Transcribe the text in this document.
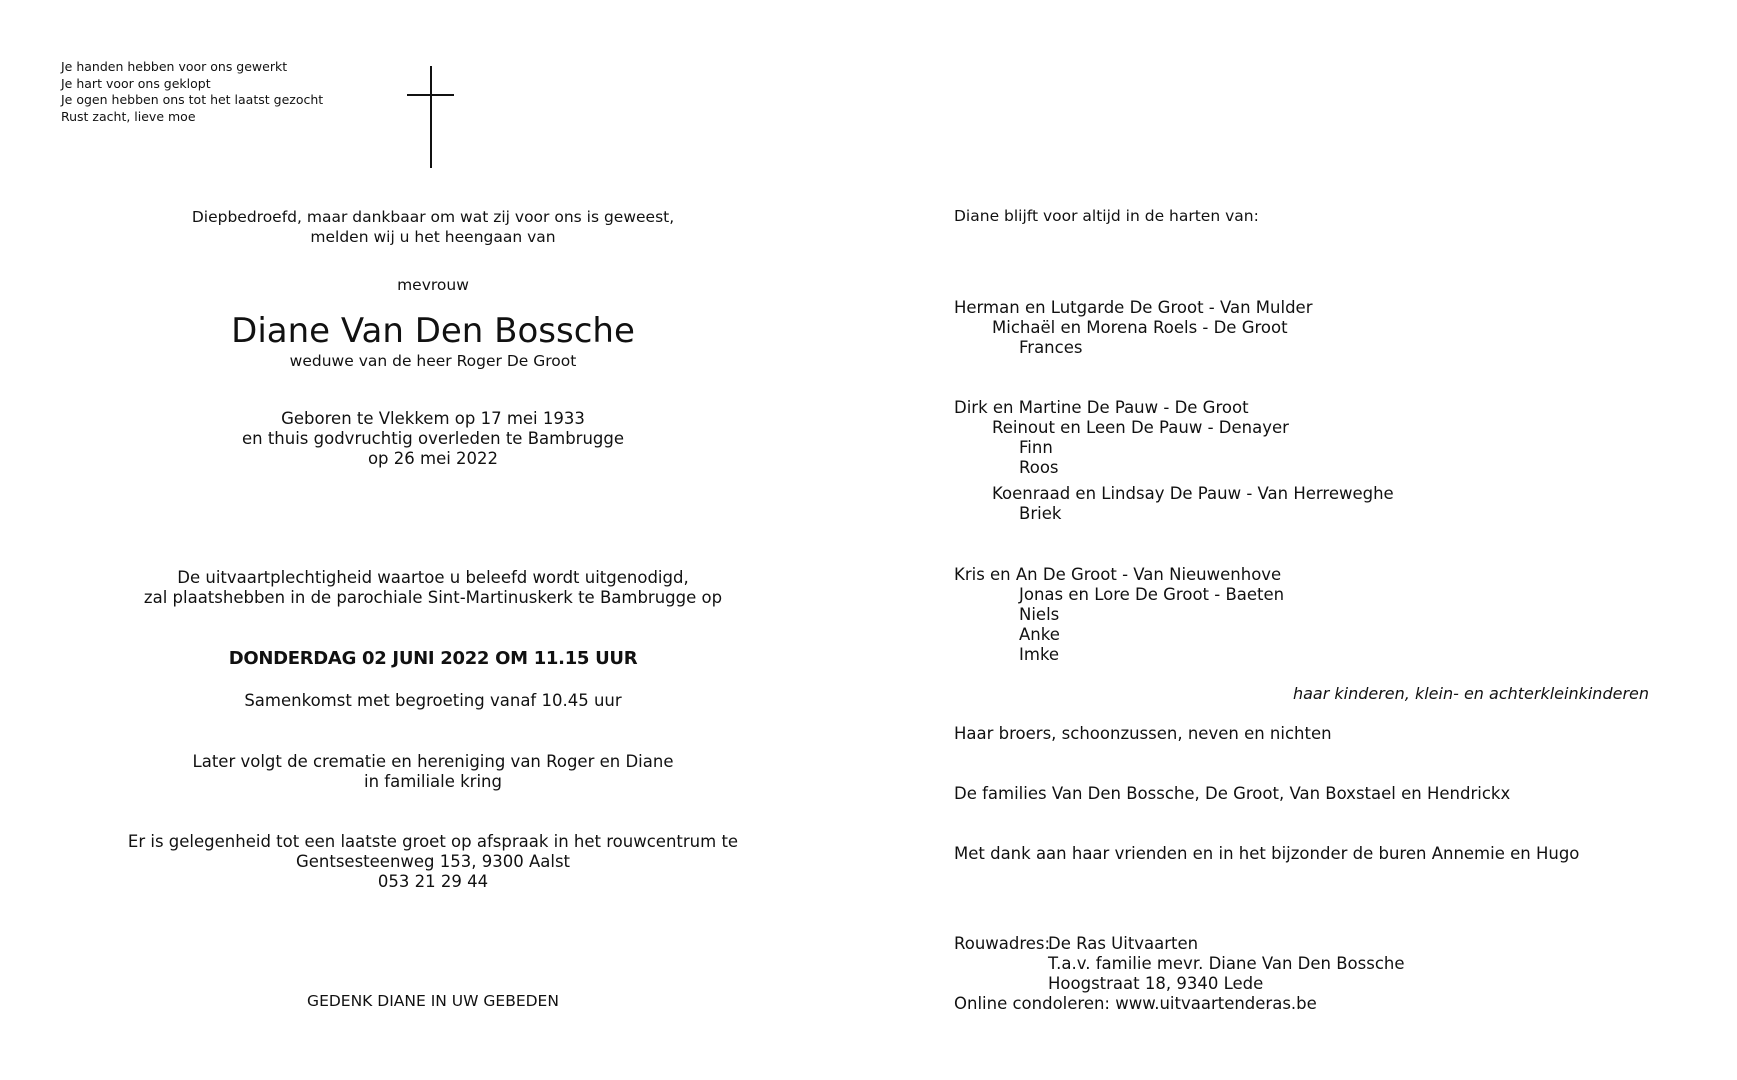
Je handen hebben voor ons gewerkt
Je hart voor ons geklopt
Je ogen hebben ons tot het laatst gezocht
Rust zacht, lieve moe
Diepbedroefd, maar dankbaar om wat zij voor ons is geweest,
melden wij u het heengaan van
mevrouw
Diane Van Den Bossche
weduwe van de heer Roger De Groot
Geboren te Vlekkem op 17 mei 1933
en thuis godvruchtig overleden te Bambrugge
op 26 mei 2022
De uitvaartplechtigheid waartoe u beleefd wordt uitgenodigd,
zal plaatshebben in de parochiale Sint-Martinuskerk te Bambrugge op
DONDERDAG 02 JUNI 2022 OM 11.15 UUR
Samenkomst met begroeting vanaf 10.45 uur
Later volgt de crematie en hereniging van Roger en Diane
in familiale kring
Er is gelegenheid tot een laatste groet op afspraak in het rouwcentrum te
Gentsesteenweg 153, 9300 Aalst
053 21 29 44
GEDENK DIANE IN UW GEBEDEN
Diane blijft voor altijd in de harten van:
Herman en Lutgarde De Groot - Van Mulder
Michaël en Morena Roels - De Groot
Frances
Dirk en Martine De Pauw - De Groot
Reinout en Leen De Pauw - Denayer
Finn
Roos
Koenraad en Lindsay De Pauw - Van Herreweghe
Briek
Kris en An De Groot - Van Nieuwenhove
Jonas en Lore De Groot - Baeten
Niels
Anke
Imke
haar kinderen, klein- en achterkleinkinderen
Haar broers, schoonzussen, neven en nichten
De families Van Den Bossche, De Groot, Van Boxstael en Hendrickx
Met dank aan haar vrienden en in het bijzonder de buren Annemie en Hugo
Rouwadres:De Ras Uitvaarten
T.a.v. familie mevr. Diane Van Den Bossche
Hoogstraat 18, 9340 Lede
Online condoleren: www.uitvaartenderas.be
